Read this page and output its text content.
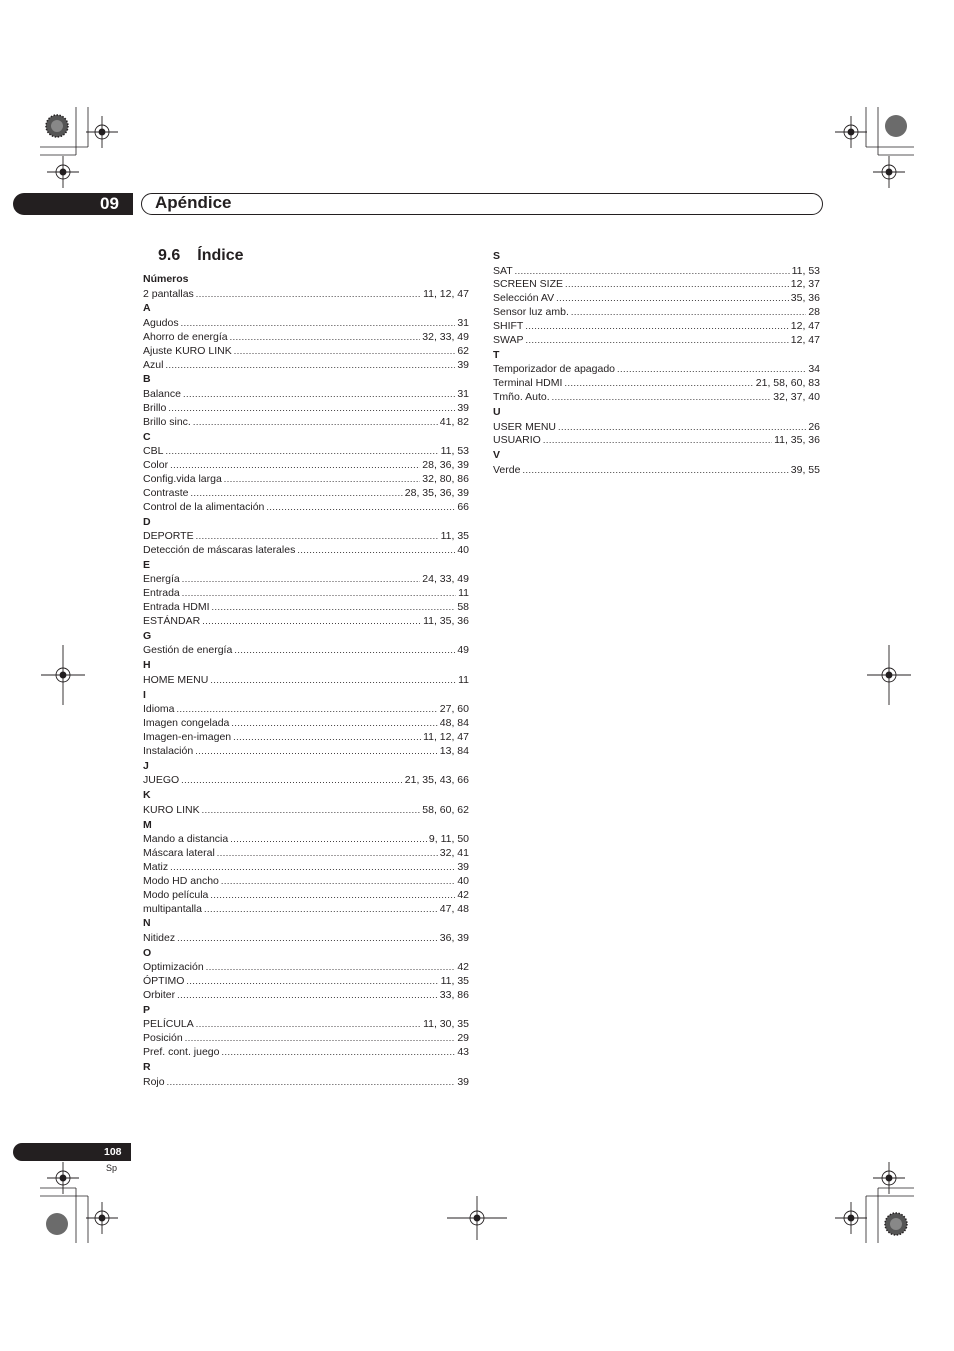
09 Apéndice
9.6 Índice
Números
2 pantallas .....	11, 12, 47
A
Agudos .....	31
Ahorro de energía .....	32, 33, 49
Ajuste KURO LINK .....	62
Azul .....	39
B
Balance .....	31
Brillo .....	39
Brillo sinc. .....	41, 82
C
CBL .....	11, 53
Color .....	28, 36, 39
Config.vida larga .....	32, 80, 86
Contraste .....	28, 35, 36, 39
Control de la alimentación .....	66
D
DEPORTE .....	11, 35
Detección de máscaras laterales .....	40
E
Energía .....	24, 33, 49
Entrada .....	11
Entrada HDMI .....	58
ESTÁNDAR .....	11, 35, 36
G
Gestión de energía .....	49
H
HOME MENU .....	11
I
Idioma .....	27, 60
Imagen congelada .....	48, 84
Imagen-en-imagen .....	11, 12, 47
Instalación .....	13, 84
J
JUEGO .....	21, 35, 43, 66
K
KURO LINK .....	58, 60, 62
M
Mando a distancia .....	9, 11, 50
Máscara lateral .....	32, 41
Matiz .....	39
Modo HD ancho .....	40
Modo película .....	42
multipantalla .....	47, 48
N
Nitidez .....	36, 39
O
Optimización .....	42
ÓPTIMO .....	11, 35
Orbiter .....	33, 86
P
PELÍCULA .....	11, 30, 35
Posición .....	29
Pref. cont. juego .....	43
R
Rojo .....	39
S
SAT .....	11, 53
SCREEN SIZE .....	12, 37
Selección AV .....	35, 36
Sensor luz amb. .....	28
SHIFT .....	12, 47
SWAP .....	12, 47
T
Temporizador de apagado .....	34
Terminal HDMI .....	21, 58, 60, 83
Tmño. Auto. .....	32, 37, 40
U
USER MENU .....	26
USUARIO .....	11, 35, 36
V
Verde .....	39, 55
108
Sp
